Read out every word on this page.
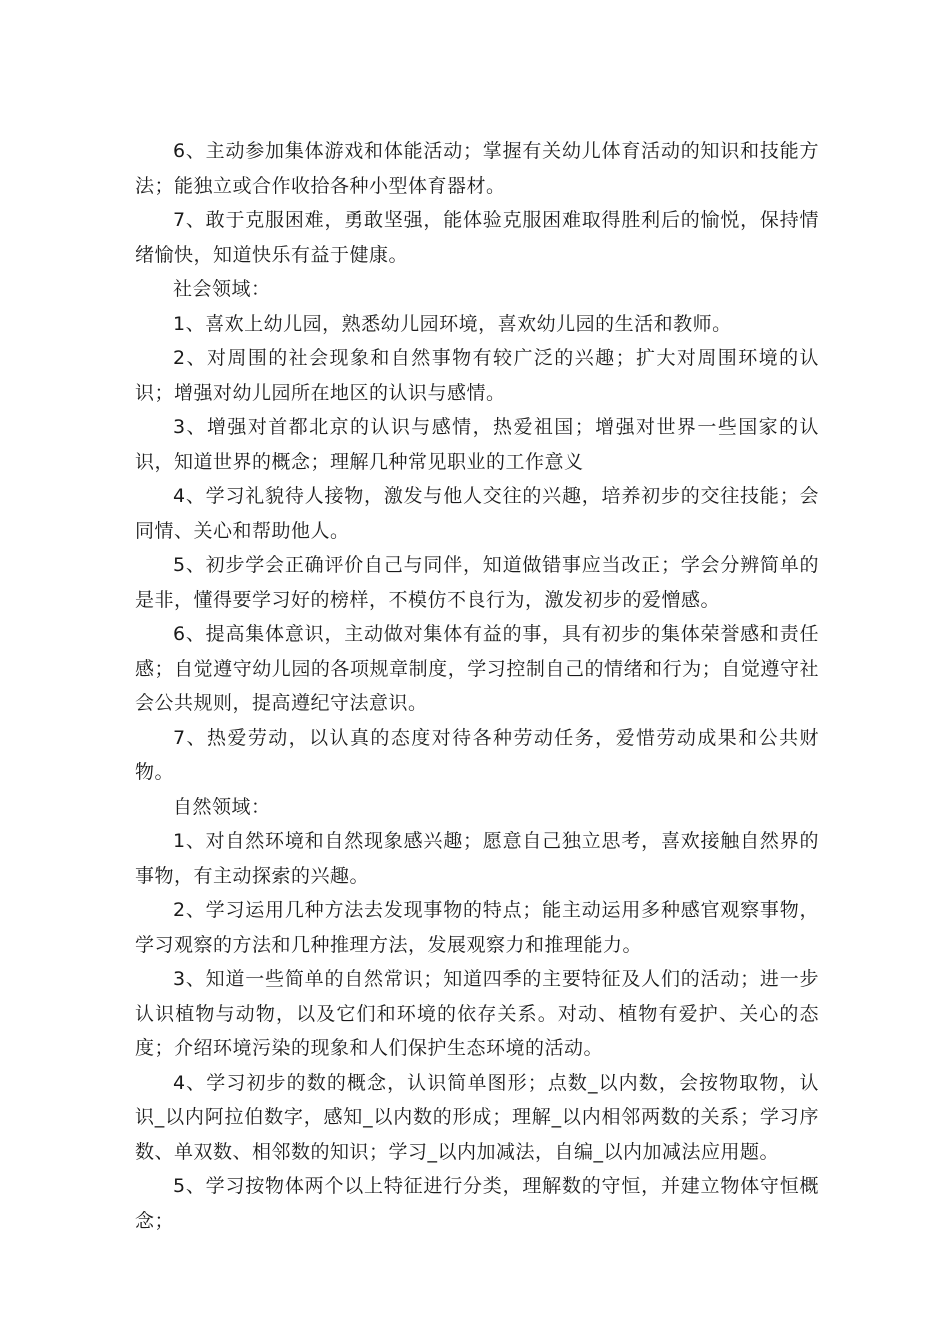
6、主动参加集体游戏和体能活动；掌握有关幼儿体育活动的知识和技能方法；能独立或合作收拾各种小型体育器材。

7、敢于克服困难，勇敢坚强，能体验克服困难取得胜利后的愉悦，保持情绪愉快，知道快乐有益于健康。

社会领域：

1、喜欢上幼儿园，熟悉幼儿园环境，喜欢幼儿园的生活和教师。

2、对周围的社会现象和自然事物有较广泛的兴趣；扩大对周围环境的认识；增强对幼儿园所在地区的认识与感情。

3、增强对首都北京的认识与感情，热爱祖国；增强对世界一些国家的认识，知道世界的概念；理解几种常见职业的工作意义

4、学习礼貌待人接物，激发与他人交往的兴趣，培养初步的交往技能；会同情、关心和帮助他人。

5、初步学会正确评价自己与同伴，知道做错事应当改正；学会分辨简单的是非，懂得要学习好的榜样，不模仿不良行为，激发初步的爱憎感。

6、提高集体意识，主动做对集体有益的事，具有初步的集体荣誉感和责任感；自觉遵守幼儿园的各项规章制度，学习控制自己的情绪和行为；自觉遵守社会公共规则，提高遵纪守法意识。

7、热爱劳动，以认真的态度对待各种劳动任务，爱惜劳动成果和公共财物。

自然领域：

1、对自然环境和自然现象感兴趣；愿意自己独立思考，喜欢接触自然界的事物，有主动探索的兴趣。

2、学习运用几种方法去发现事物的特点；能主动运用多种感官观察事物，学习观察的方法和几种推理方法，发展观察力和推理能力。

3、知道一些简单的自然常识；知道四季的主要特征及人们的活动；进一步认识植物与动物，以及它们和环境的依存关系。对动、植物有爱护、关心的态度；介绍环境污染的现象和人们保护生态环境的活动。

4、学习初步的数的概念，认识简单图形；点数_以内数，会按物取物，认识_以内阿拉伯数字，感知_以内数的形成；理解_以内相邻两数的关系；学习序数、单双数、相邻数的知识；学习_以内加减法，自编_以内加减法应用题。

5、学习按物体两个以上特征进行分类，理解数的守恒，并建立物体守恒概念；
